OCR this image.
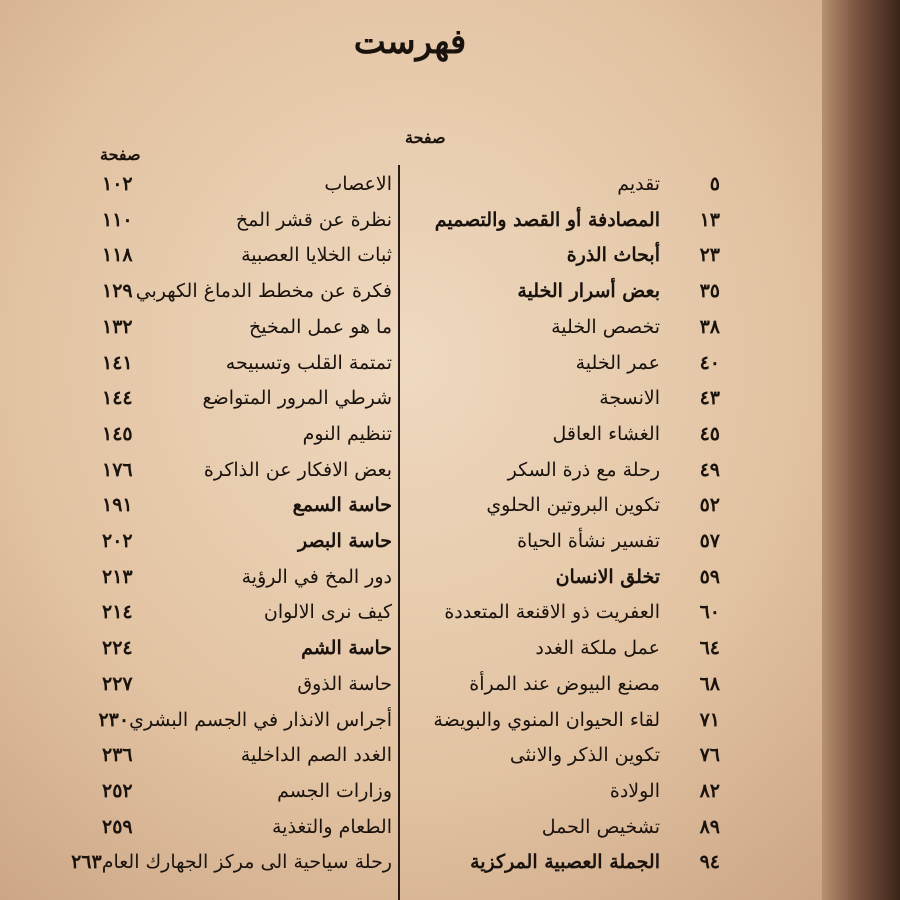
فهرست
صفحة
صفحة
٥
تقديم
١٣
المصادفة أو القصد والتصميم
٢٣
أبحاث الذرة
٣٥
بعض أسرار الخلية
٣٨
تخصص الخلية
٤٠
عمر الخلية
٤٣
الانسجة
٤٥
الغشاء العاقل
٤٩
رحلة مع ذرة السكر
٥٢
تكوين البروتين الحلوي
٥٧
تفسير نشأة الحياة
٥٩
تخلق الانسان
٦٠
العفريت ذو الاقنعة المتعددة
٦٤
عمل ملكة الغدد
٦٨
مصنع البيوض عند المرأة
٧١
لقاء الحيوان المنوي والبويضة
٧٦
تكوين الذكر والانثى
٨٢
الولادة
٨٩
تشخيص الحمل
٩٤
الجملة العصبية المركزية
الاعصاب
١٠٢
نظرة عن قشر المخ
١١٠
ثبات الخلايا العصبية
١١٨
فكرة عن مخطط الدماغ الكهربي
١٢٩
ما هو عمل المخيخ
١٣٢
تمتمة القلب وتسبيحه
١٤١
شرطي المرور المتواضع
١٤٤
تنظيم النوم
١٤٥
بعض الافكار عن الذاكرة
١٧٦
حاسة السمع
١٩١
حاسة البصر
٢٠٢
دور المخ في الرؤية
٢١٣
كيف نرى الالوان
٢١٤
حاسة الشم
٢٢٤
حاسة الذوق
٢٢٧
أجراس الانذار في الجسم البشري
٢٣٠
الغدد الصم الداخلية
٢٣٦
وزارات الجسم
٢٥٢
الطعام والتغذية
٢٥٩
رحلة سياحية الى مركز الجهارك العام
٢٦٣
